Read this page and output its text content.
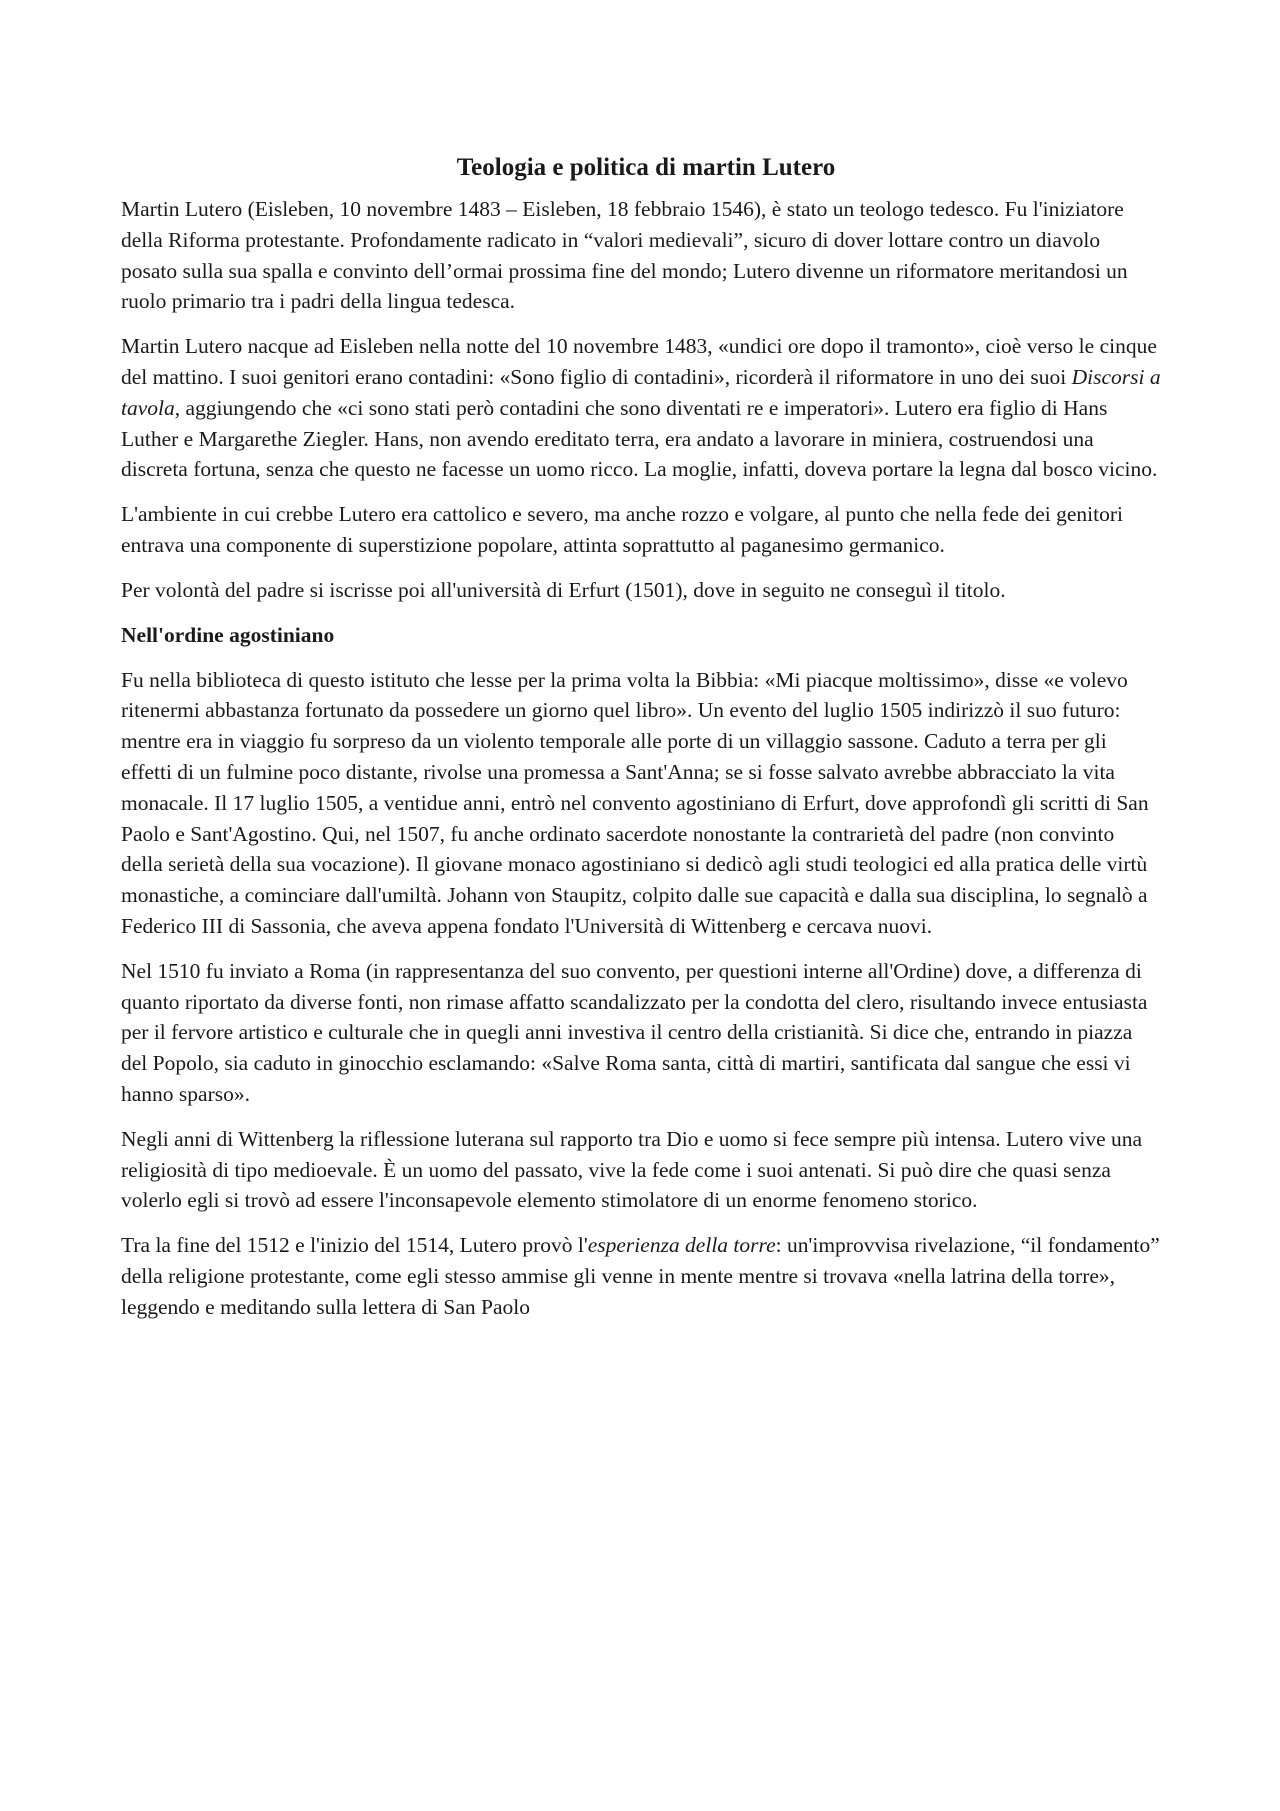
Teologia e politica di martin Lutero

Martin Lutero (Eisleben, 10 novembre 1483 – Eisleben, 18 febbraio 1546), è stato un teologo tedesco. Fu l'iniziatore della Riforma protestante. Profondamente radicato in “valori medievali”, sicuro di dover lottare contro un diavolo posato sulla sua spalla e convinto dell’ormai prossima fine del mondo; Lutero divenne un riformatore meritandosi un ruolo primario tra i padri della lingua tedesca.

Martin Lutero nacque ad Eisleben nella notte del 10 novembre 1483, «undici ore dopo il tramonto», cioè verso le cinque del mattino. I suoi genitori erano contadini: «Sono figlio di contadini», ricorderà il riformatore in uno dei suoi Discorsi a tavola, aggiungendo che «ci sono stati però contadini che sono diventati re e imperatori». Lutero era figlio di Hans Luther e Margarethe Ziegler. Hans, non avendo ereditato terra, era andato a lavorare in miniera, costruendosi una discreta fortuna, senza che questo ne facesse un uomo ricco. La moglie, infatti, doveva portare la legna dal bosco vicino.

L'ambiente in cui crebbe Lutero era cattolico e severo, ma anche rozzo e volgare, al punto che nella fede dei genitori entrava una componente di superstizione popolare, attinta soprattutto al paganesimo germanico.

Per volontà del padre si iscrisse poi all'università di Erfurt (1501), dove in seguito ne conseguì il titolo.

Nell'ordine agostiniano

Fu nella biblioteca di questo istituto che lesse per la prima volta la Bibbia: «Mi piacque moltissimo», disse «e volevo ritenermi abbastanza fortunato da possedere un giorno quel libro». Un evento del luglio 1505 indirizzò il suo futuro: mentre era in viaggio fu sorpreso da un violento temporale alle porte di un villaggio sassone. Caduto a terra per gli effetti di un fulmine poco distante, rivolse una promessa a Sant'Anna; se si fosse salvato avrebbe abbracciato la vita monacale. Il 17 luglio 1505, a ventidue anni, entrò nel convento agostiniano di Erfurt, dove approfondì gli scritti di San Paolo e Sant'Agostino. Qui, nel 1507, fu anche ordinato sacerdote nonostante la contrarietà del padre (non convinto della serietà della sua vocazione). Il giovane monaco agostiniano si dedicò agli studi teologici ed alla pratica delle virtù monastiche, a cominciare dall'umiltà. Johann von Staupitz, colpito dalle sue capacità e dalla sua disciplina, lo segnalò a Federico III di Sassonia, che aveva appena fondato l'Università di Wittenberg e cercava nuovi.

Nel 1510 fu inviato a Roma (in rappresentanza del suo convento, per questioni interne all'Ordine) dove, a differenza di quanto riportato da diverse fonti, non rimase affatto scandalizzato per la condotta del clero, risultando invece entusiasta per il fervore artistico e culturale che in quegli anni investiva il centro della cristianità. Si dice che, entrando in piazza del Popolo, sia caduto in ginocchio esclamando: «Salve Roma santa, città di martiri, santificata dal sangue che essi vi hanno sparso».

Negli anni di Wittenberg la riflessione luterana sul rapporto tra Dio e uomo si fece sempre più intensa. Lutero vive una religiosità di tipo medioevale. È un uomo del passato, vive la fede come i suoi antenati. Si può dire che quasi senza volerlo egli si trovò ad essere l'inconsapevole elemento stimolatore di un enorme fenomeno storico.

Tra la fine del 1512 e l'inizio del 1514, Lutero provò l'esperienza della torre: un'improvvisa rivelazione, “il fondamento” della religione protestante, come egli stesso ammise gli venne in mente mentre si trovava «nella latrina della torre», leggendo e meditando sulla lettera di San Paolo
